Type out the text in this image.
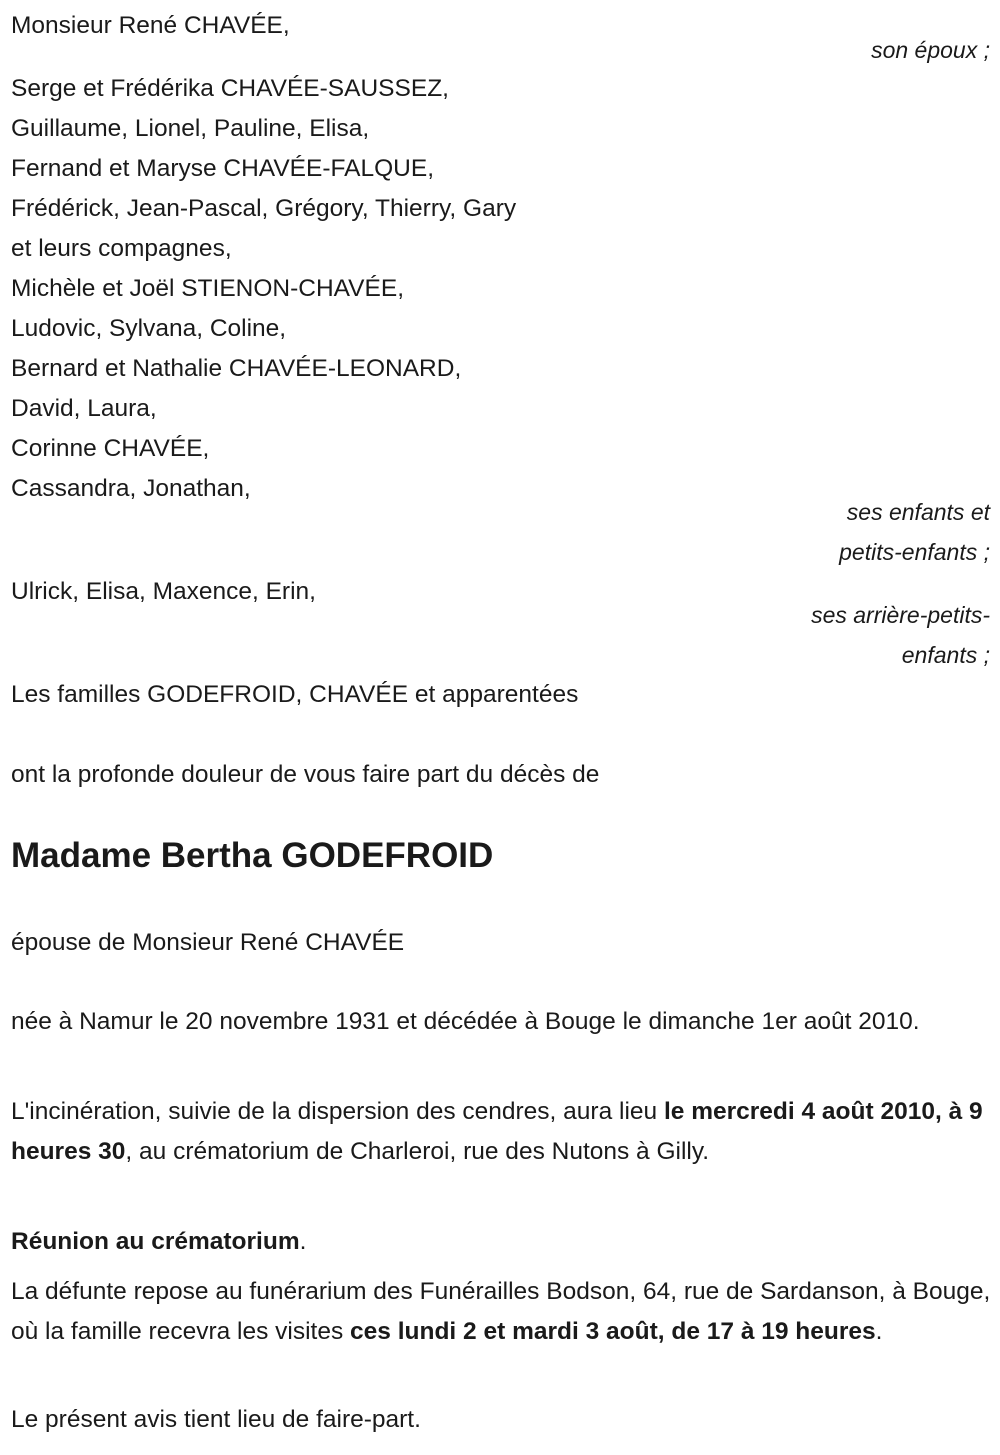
Monsieur René CHAVÉE,
son époux ;
Serge et Frédérika CHAVÉE-SAUSSEZ,
Guillaume, Lionel, Pauline, Elisa,
Fernand et Maryse CHAVÉE-FALQUE,
Frédérick, Jean-Pascal, Grégory, Thierry, Gary
et leurs compagnes,
Michèle et Joël STIENON-CHAVÉE,
Ludovic, Sylvana, Coline,
Bernard et Nathalie CHAVÉE-LEONARD,
David, Laura,
Corinne CHAVÉE,
Cassandra, Jonathan,
ses enfants et
petits-enfants ;
Ulrick, Elisa, Maxence, Erin,
ses arrière-petits-
enfants ;
Les familles GODEFROID, CHAVÉE et apparentées
ont la profonde douleur de vous faire part du décès de
Madame Bertha GODEFROID
épouse de Monsieur René CHAVÉE
née à Namur le 20 novembre 1931 et décédée à Bouge le dimanche 1er août 2010.
L'incinération, suivie de la dispersion des cendres, aura lieu le mercredi 4 août 2010, à 9 heures 30, au crématorium de Charleroi, rue des Nutons à Gilly.
Réunion au crématorium.
La défunte repose au funérarium des Funérailles Bodson, 64, rue de Sardanson, à Bouge, où la famille recevra les visites ces lundi 2 et mardi 3 août, de 17 à 19 heures.
Le présent avis tient lieu de faire-part.
